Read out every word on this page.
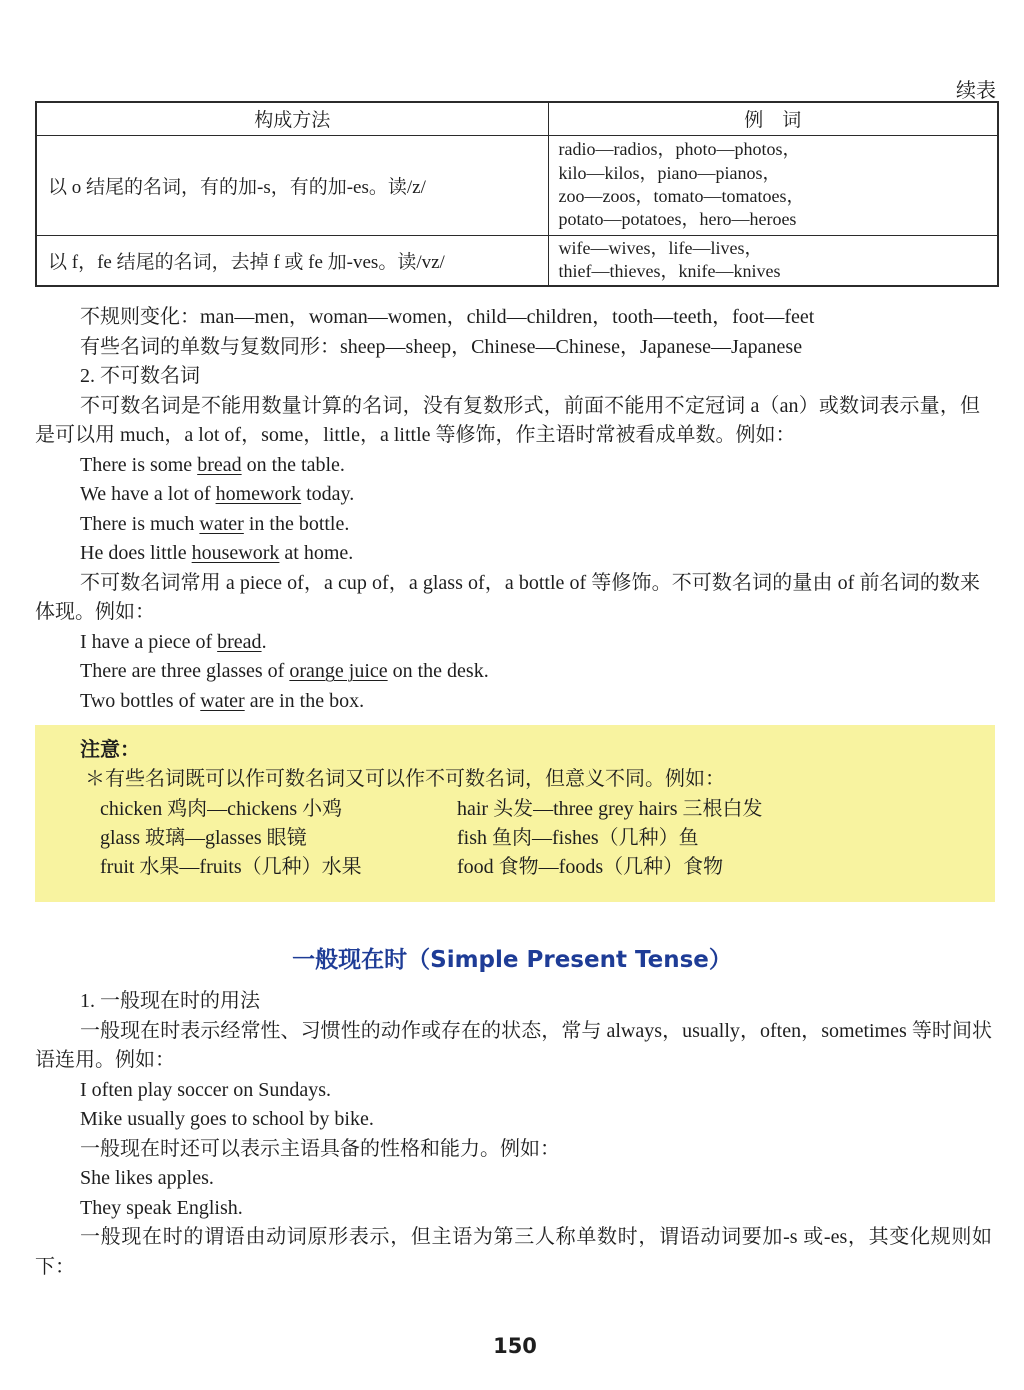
续表
构成方法	例　词
以 o 结尾的名词，有的加-s，有的加-es。读/z/	radio—radios，photo—photos，
kilo—kilos，piano—pianos，
zoo—zoos，tomato—tomatoes，
potato—potatoes，hero—heroes

以 f，fe 结尾的名词，去掉 f 或 fe 加-ves。读/vz/	wife—wives，life—lives，
thief—thieves，knife—knives

不规则变化：man—men，woman—women，child—children，tooth—teeth，foot—feet

有些名词的单数与复数同形：sheep—sheep，Chinese—Chinese，Japanese—Japanese

2. 不可数名词

不可数名词是不能用数量计算的名词，没有复数形式，前面不能用不定冠词 a（an）或数词表示量，但是可以用 much，a lot of，some，little，a little 等修饰，作主语时常被看成单数。例如：

There is some bread on the table.

We have a lot of homework today.

There is much water in the bottle.

He does little housework at home.

不可数名词常用 a piece of，a cup of，a glass of，a bottle of 等修饰。不可数名词的量由 of 前名词的数来体现。例如：

I have a piece of bread.

There are three glasses of orange juice on the desk.

Two bottles of water are in the box.

注意：
＊有些名词既可以作可数名词又可以作不可数名词，但意义不同。例如：
chicken 鸡肉—chickens 小鸡	hair 头发—three grey hairs 三根白发
glass 玻璃—glasses 眼镜	fish 鱼肉—fishes（几种）鱼
fruit 水果—fruits（几种）水果	food 食物—foods（几种）食物
一般现在时（Simple Present Tense）

1. 一般现在时的用法

一般现在时表示经常性、习惯性的动作或存在的状态，常与 always，usually，often，sometimes 等时间状语连用。例如：

I often play soccer on Sundays.

Mike usually goes to school by bike.

一般现在时还可以表示主语具备的性格和能力。例如：

She likes apples.

They speak English.

一般现在时的谓语由动词原形表示，但主语为第三人称单数时，谓语动词要加-s 或-es，其变化规则如下：

150
